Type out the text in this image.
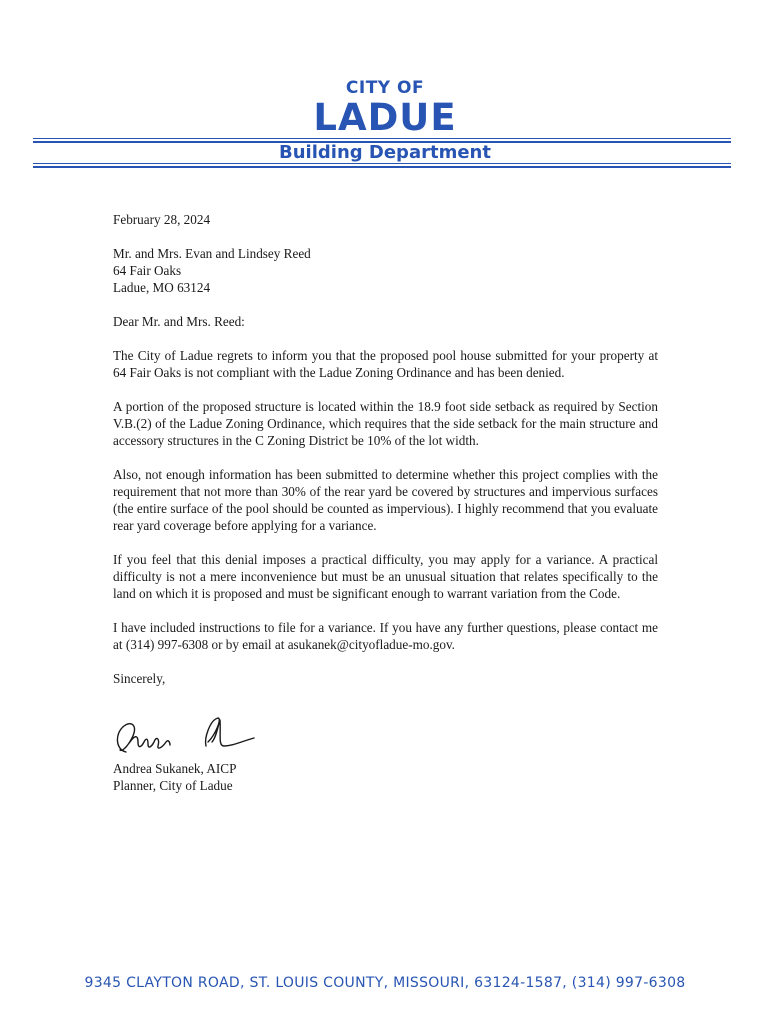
CITY OF
LADUE
Building Department

February 28, 2024

Mr. and Mrs. Evan and Lindsey Reed
64 Fair Oaks
Ladue, MO 63124

Dear Mr. and Mrs. Reed:

The City of Ladue regrets to inform you that the proposed pool house submitted for your property at 64 Fair Oaks is not compliant with the Ladue Zoning Ordinance and has been denied.

A portion of the proposed structure is located within the 18.9 foot side setback as required by Section V.B.(2) of the Ladue Zoning Ordinance, which requires that the side setback for the main structure and accessory structures in the C Zoning District be 10% of the lot width.

Also, not enough information has been submitted to determine whether this project complies with the requirement that not more than 30% of the rear yard be covered by structures and impervious surfaces (the entire surface of the pool should be counted as impervious). I highly recommend that you evaluate rear yard coverage before applying for a variance.

If you feel that this denial imposes a practical difficulty, you may apply for a variance. A practical difficulty is not a mere inconvenience but must be an unusual situation that relates specifically to the land on which it is proposed and must be significant enough to warrant variation from the Code.

I have included instructions to file for a variance. If you have any further questions, please contact me at (314) 997-6308 or by email at asukanek@cityofladue-mo.gov.

Sincerely,

Andrea Sukanek, AICP
Planner, City of Ladue
9345 CLAYTON ROAD, ST. LOUIS COUNTY, MISSOURI, 63124-1587, (314) 997-6308
